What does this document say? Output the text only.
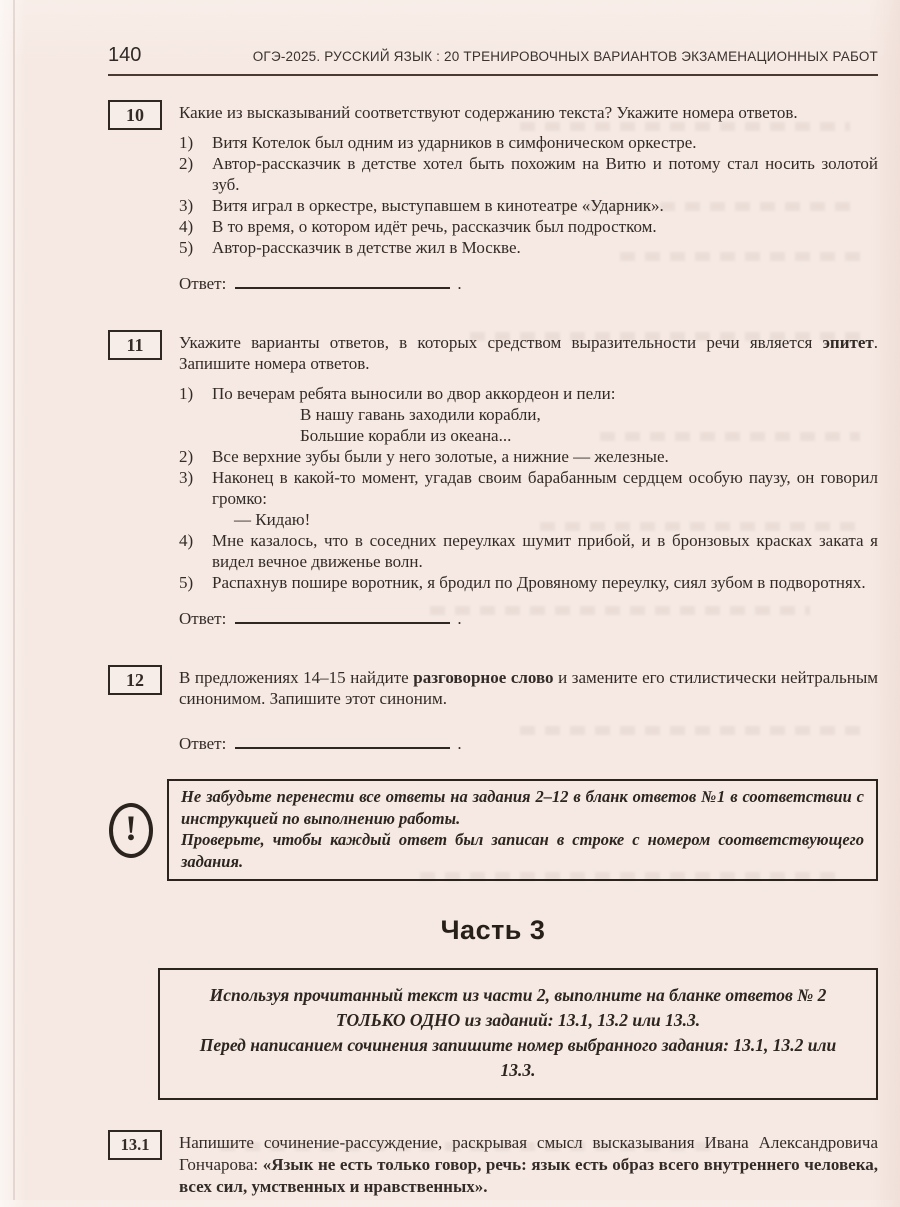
140	ОГЭ-2025. РУССКИЙ ЯЗЫК : 20 ТРЕНИРОВОЧНЫХ ВАРИАНТОВ ЭКЗАМЕНАЦИОННЫХ РАБОТ
10 Какие из высказываний соответствуют содержанию текста? Укажите номера ответов.
1)	Витя Котелок был одним из ударников в симфоническом оркестре.
2)	Автор-рассказчик в детстве хотел быть похожим на Витю и потому стал носить золотой зуб.
3)	Витя играл в оркестре, выступавшем в кинотеатре «Ударник».
4)	В то время, о котором идёт речь, рассказчик был подростком.
5)	Автор-рассказчик в детстве жил в Москве.
Ответ:	.
11 Укажите варианты ответов, в которых средством выразительности речи является эпитет. Запишите номера ответов.
1)	По вечерам ребята выносили во двор аккордеон и пели:
В нашу гавань заходили корабли,
Большие корабли из океана...
2)	Все верхние зубы были у него золотые, а нижние — железные.
3)	Наконец в какой-то момент, угадав своим барабанным сердцем особую паузу, он говорил громко:
— Кидаю!
4)	Мне казалось, что в соседних переулках шумит прибой, и в бронзовых красках заката я видел вечное движенье волн.
5)	Распахнув пошире воротник, я бродил по Дровяному переулку, сиял зубом в подворотнях.
Ответ:	.
12 В предложениях 14–15 найдите разговорное слово и замените его стилистически нейтральным синонимом. Запишите этот синоним.
Ответ:	.
!

Не забудьте перенести все ответы на задания 2–12 в бланк ответов №1 в соответствии с инструкцией по выполнению работы.

Проверьте, чтобы каждый ответ был записан в строке с номером соответствующего задания.

Часть 3

Используя прочитанный текст из части 2, выполните на бланке ответов № 2 ТОЛЬКО ОДНО из заданий: 13.1, 13.2 или 13.3.

Перед написанием сочинения запишите номер выбранного задания: 13.1, 13.2 или 13.3.

13.1 Напишите сочинение-рассуждение, раскрывая смысл высказывания Ивана Александровича Гончарова: «Язык не есть только говор, речь: язык есть образ всего внутреннего человека, всех сил, умственных и нравственных».
